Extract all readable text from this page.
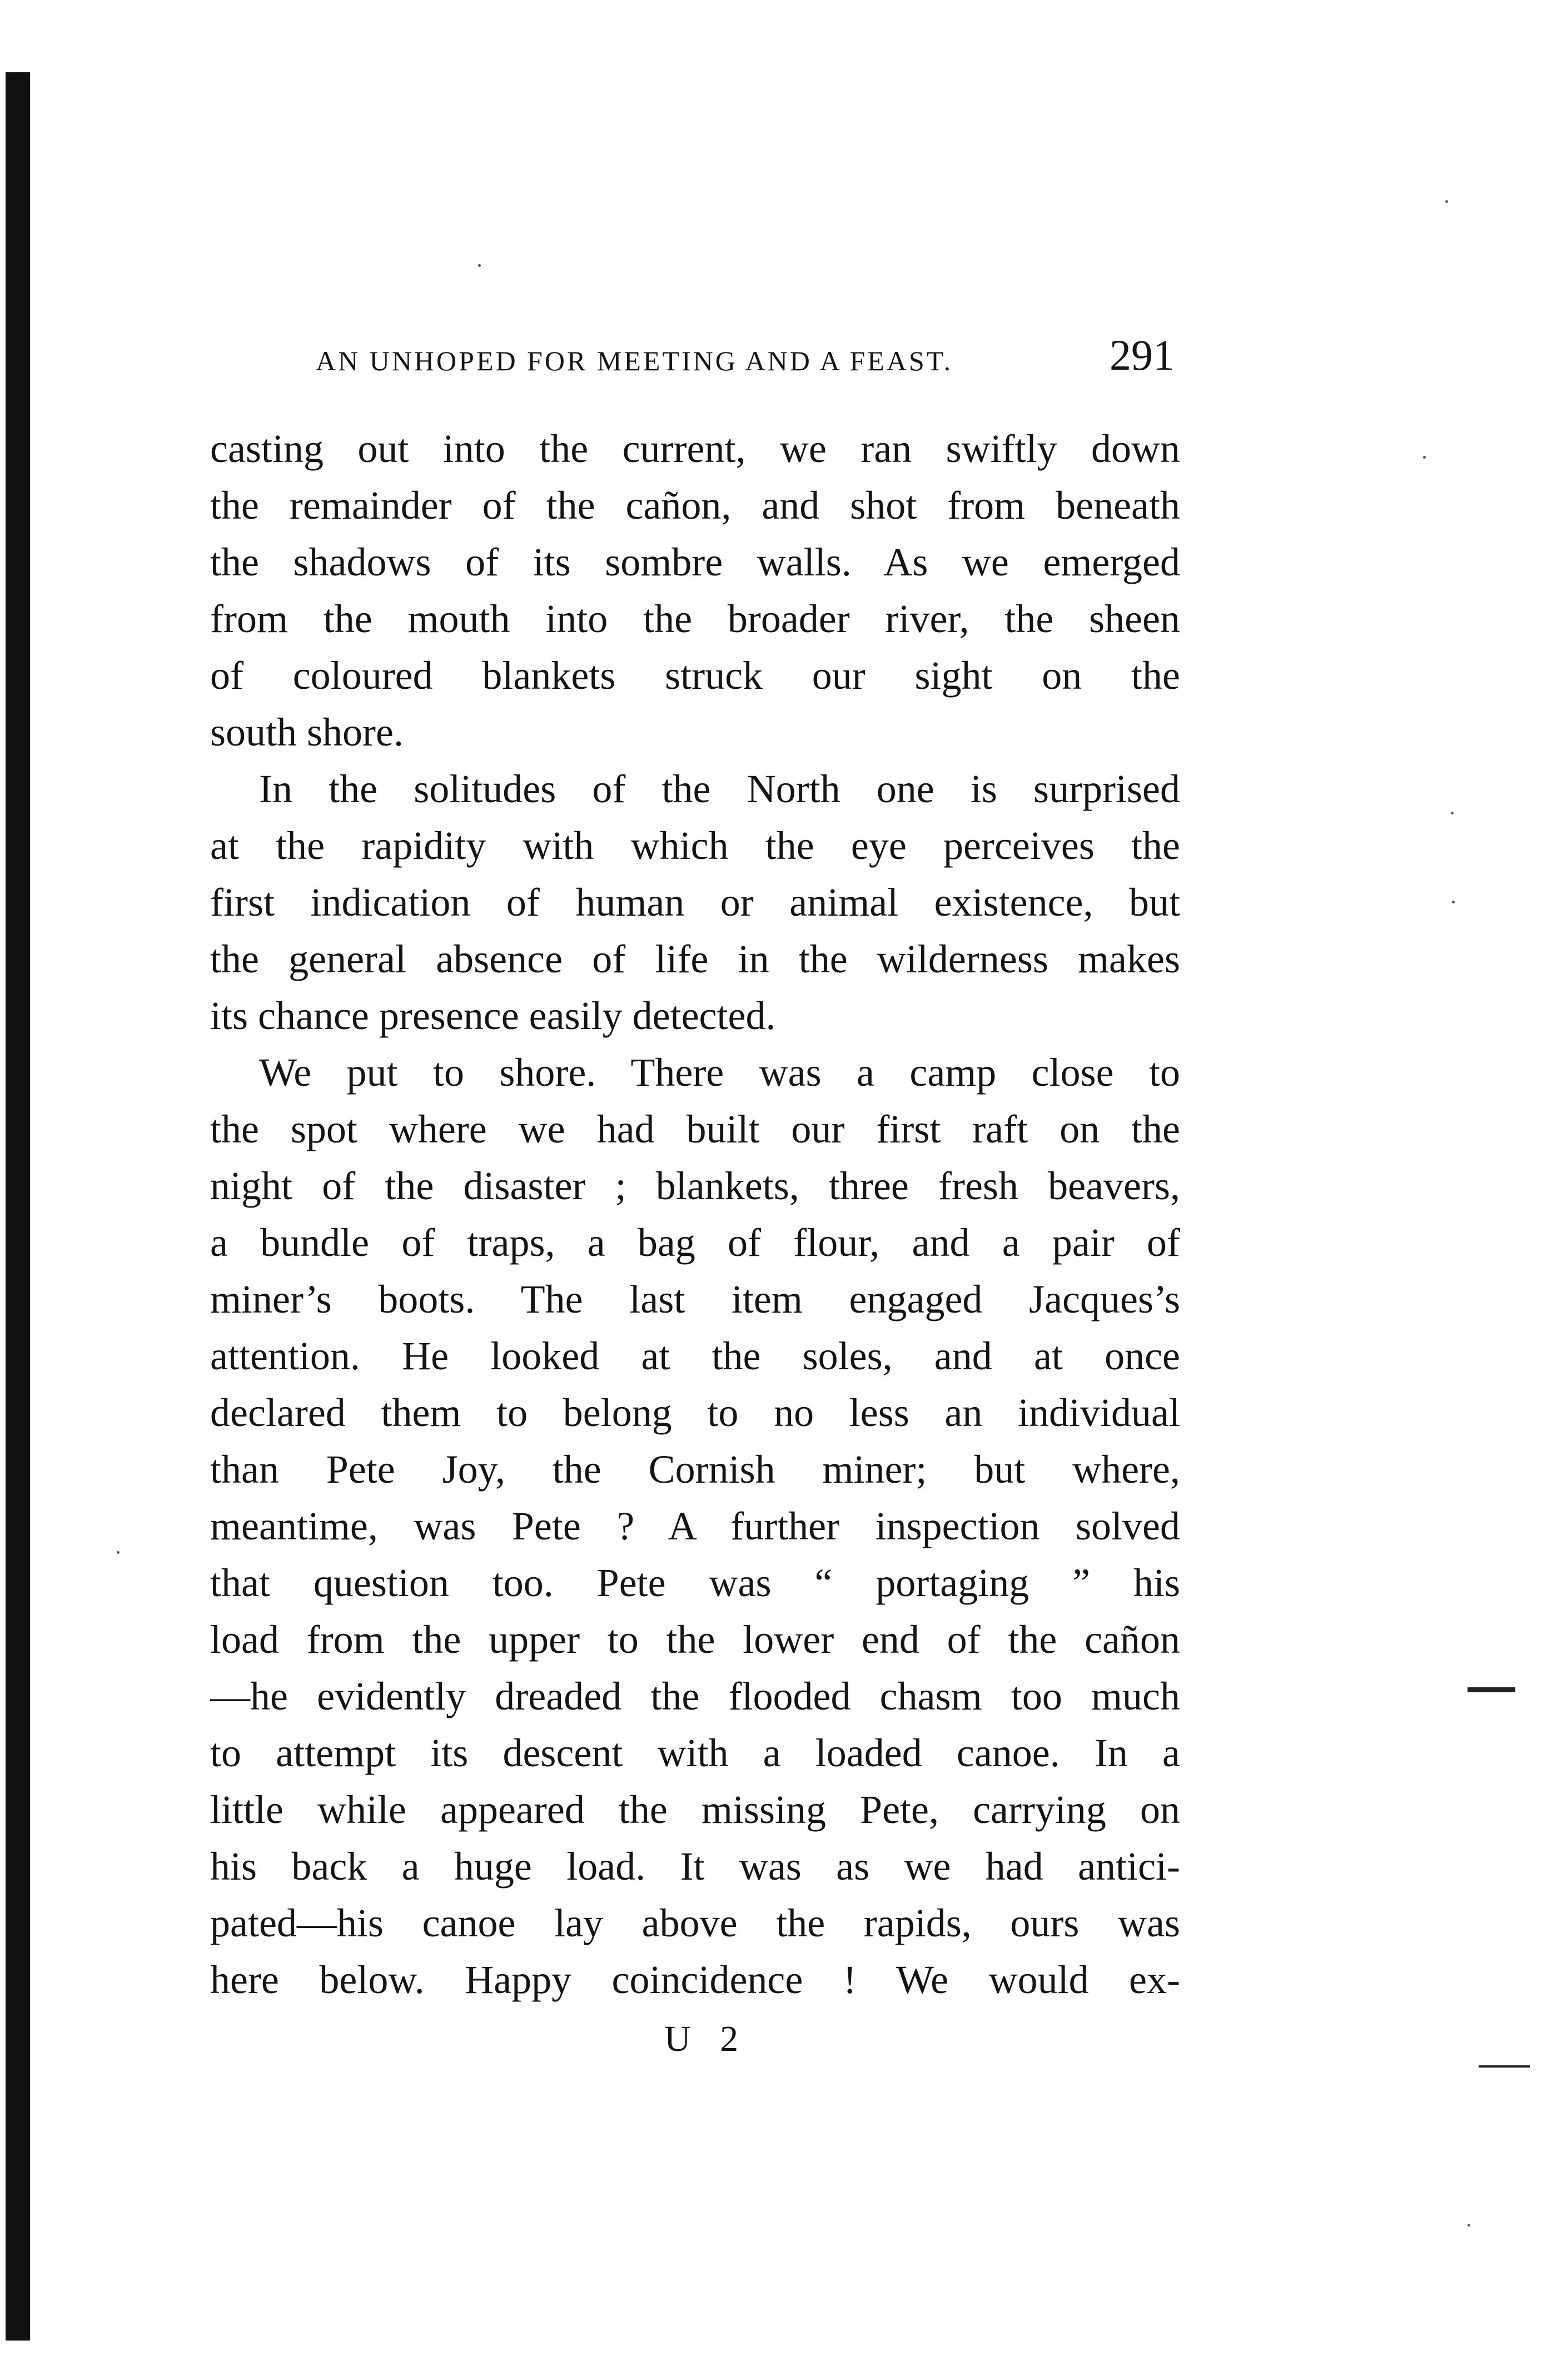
AN UNHOPED FOR MEETING AND A FEAST.	291
casting out into the current, we ran swiftly down
the remainder of the cañon, and shot from beneath
the shadows of its sombre walls. As we emerged
from the mouth into the broader river, the sheen
of coloured blankets struck our sight on the
south shore.
In the solitudes of the North one is surprised
at the rapidity with which the eye perceives the
first indication of human or animal existence, but
the general absence of life in the wilderness makes
its chance presence easily detected.
We put to shore. There was a camp close to
the spot where we had built our first raft on the
night of the disaster ; blankets, three fresh beavers,
a bundle of traps, a bag of flour, and a pair of
miner’s boots. The last item engaged Jacques’s
attention. He looked at the soles, and at once
declared them to belong to no less an individual
than Pete Joy, the Cornish miner; but where,
meantime, was Pete ? A further inspection solved
that question too. Pete was “ portaging ” his
load from the upper to the lower end of the cañon
—he evidently dreaded the flooded chasm too much
to attempt its descent with a loaded canoe. In a
little while appeared the missing Pete, carrying on
his back a huge load. It was as we had antici-
pated—his canoe lay above the rapids, ours was
here below. Happy coincidence ! We would ex-
U 2
